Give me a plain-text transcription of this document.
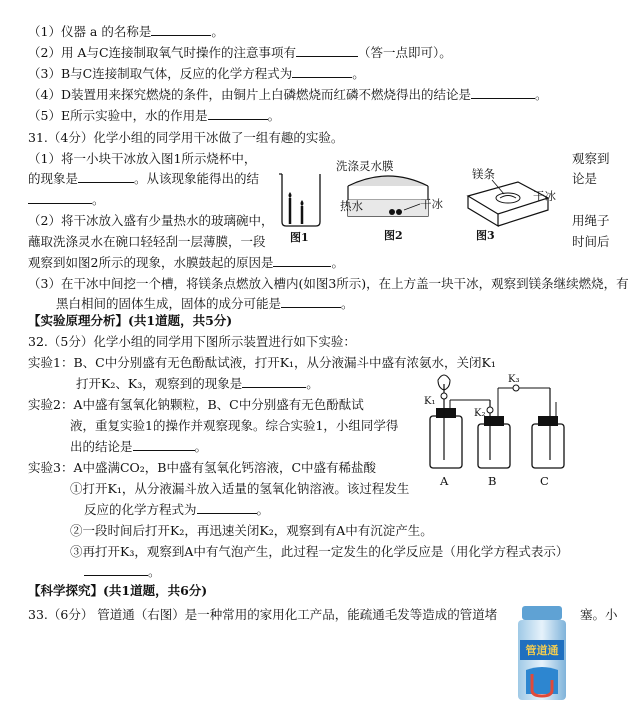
（1）仪器 a 的名称是	。
（2）用 A与C连接制取氧气时操作的注意事项有	（答一点即可）。
（3）B与C连接制取气体，反应的化学方程式为	。
（4）D装置用来探究燃烧的条件，由铜片上白磷燃烧而红磷不燃烧得出的结论是	。
（5）E所示实验中，水的作用是	。
31.（4分）化学小组的同学用干冰做了一组有趣的实验。
（1）将一小块干冰放入图1所示烧杯中，	观察到
的现象是	。从该现象能得出的结	论是
。
（2）将干冰放入盛有少量热水的玻璃碗中，	用绳子
蘸取洗涤灵水在碗口轻轻刮一层薄膜，一段	时间后
观察到如图2所示的现象，水膜鼓起的原因是	。
（3）在干冰中间挖一个槽，将镁条点燃放入槽内(如图3所示)，在上方盖一块干冰，观察到镁条继续燃烧，有
黑白相间的固体生成，固体的成分可能是	。
洗涤灵水膜
热水	干冰
镁条
干冰
图1	图2	图3
【实验原理分析】(共1道题，共5分)
32.（5分）化学小组的同学用下图所示装置进行如下实验：
实验1：B、C中分别盛有无色酚酞试液，打开K₁，从分液漏斗中盛有浓氨水，关闭K₁
打开K₂、K₃，观察到的现象是	。
实验2：A中盛有氢氧化钠颗粒，B、C中分别盛有无色酚酞试
液，重复实验1的操作并观察现象。综合实验1，小组同学得
出的结论是	。
实验3：A中盛满CO₂，B中盛有氢氧化钙溶液，C中盛有稀盐酸
①打开K₁，从分液漏斗放入适量的氢氧化钠溶液。该过程发生
反应的化学方程式为	。
②一段时间后打开K₂，再迅速关闭K₂，观察到有A中有沉淀产生。
③再打开K₃，观察到A中有气泡产生，此过程一定发生的化学反应是（用化学方程式表示）
。
K₃
K₁
K₂
A	B	C
【科学探究】(共1道题，共6分)
33.（6分） 管道通（右图）是一种常用的家用化工产品，能疏通毛发等造成的管道堵	塞。小
管道通
